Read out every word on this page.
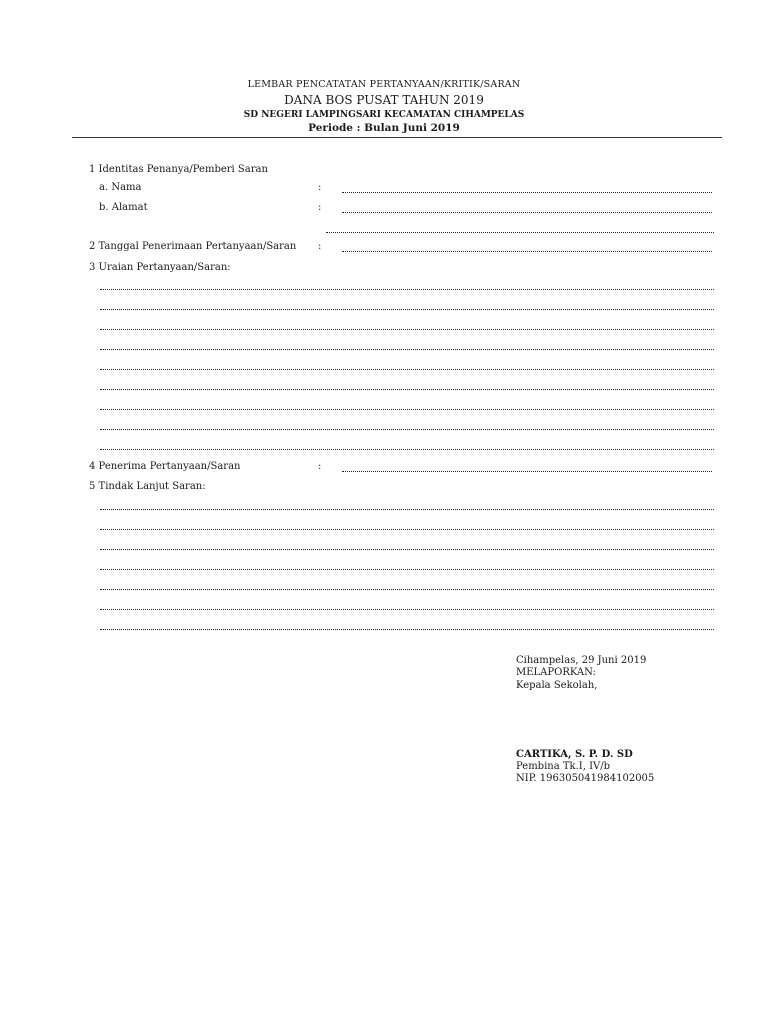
LEMBAR PENCATATAN PERTANYAAN/KRITIK/SARAN
DANA BOS PUSAT TAHUN 2019
SD NEGERI LAMPINGSARI KECAMATAN CIHAMPELAS
Periode : Bulan Juni 2019
1 Identitas Penanya/Pemberi Saran
a. Nama	:
b. Alamat	:
2 Tanggal Penerimaan Pertanyaan/Saran :
3 Uraian Pertanyaan/Saran:
4 Penerima Pertanyaan/Saran	:
5 Tindak Lanjut Saran:
Cihampelas, 29 Juni 2019
MELAPORKAN:
Kepala Sekolah,
CARTIKA, S. P. D. SD
Pembina Tk.I, IV/b
NIP. 196305041984102005
